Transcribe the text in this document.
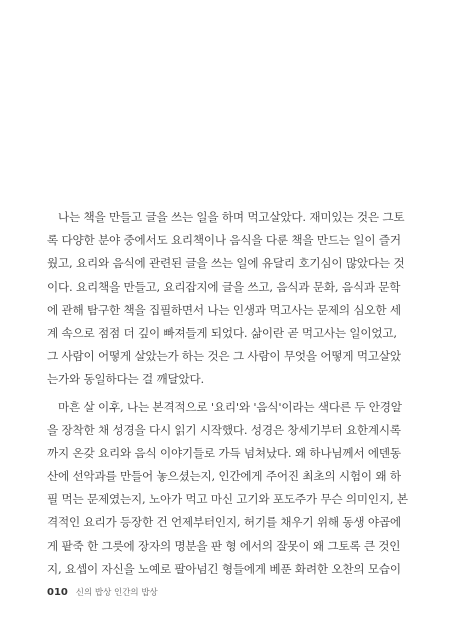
나는 책을 만들고 글을 쓰는 일을 하며 먹고살았다. 재미있는 것은 그토
록 다양한 분야 중에서도 요리책이나 음식을 다룬 책을 만드는 일이 즐거
웠고, 요리와 음식에 관련된 글을 쓰는 일에 유달리 호기심이 많았다는 것
이다. 요리책을 만들고, 요리잡지에 글을 쓰고, 음식과 문화, 음식과 문학
에 관해 탐구한 책을 집필하면서 나는 인생과 먹고사는 문제의 심오한 세
계 속으로 점점 더 깊이 빠져들게 되었다. 삶이란 곧 먹고사는 일이었고,
그 사람이 어떻게 살았는가 하는 것은 그 사람이 무엇을 어떻게 먹고살았
는가와 동일하다는 걸 깨달았다.
마흔 살 이후, 나는 본격적으로 '요리'와 '음식'이라는 색다른 두 안경알
을 장착한 채 성경을 다시 읽기 시작했다. 성경은 창세기부터 요한계시록
까지 온갖 요리와 음식 이야기들로 가득 넘쳐났다. 왜 하나님께서 에덴동
산에 선악과를 만들어 놓으셨는지, 인간에게 주어진 최초의 시험이 왜 하
필 먹는 문제였는지, 노아가 먹고 마신 고기와 포도주가 무슨 의미인지, 본
격적인 요리가 등장한 건 언제부터인지, 허기를 채우기 위해 동생 야곱에
게 팥죽 한 그릇에 장자의 명분을 판 형 에서의 잘못이 왜 그토록 큰 것인
지, 요셉이 자신을 노예로 팔아넘긴 형들에게 베푼 화려한 오찬의 모습이
010 신의 밥상 인간의 밥상
